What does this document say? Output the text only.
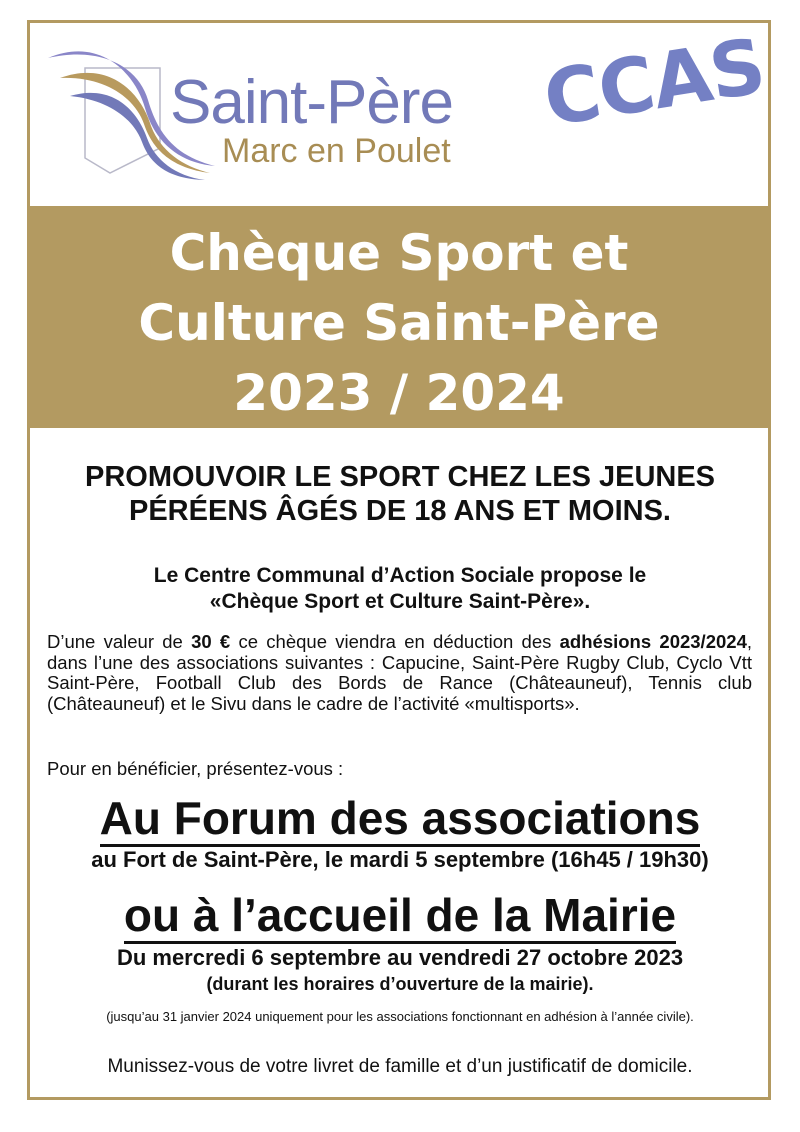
Saint-Père
Marc en Poulet
CCAS
Chèque Sport et
Culture Saint-Père
2023 / 2024
PROMOUVOIR LE SPORT CHEZ LES JEUNES
PÉRÉENS ÂGÉS DE 18 ANS ET MOINS.
Le Centre Communal d’Action Sociale propose le
«Chèque Sport et Culture Saint-Père».
D’une valeur de 30 € ce chèque viendra en déduction des adhésions 2023/2024, dans l’une des associations suivantes : Capucine, Saint-Père Rugby Club, Cyclo Vtt Saint-Père, Football Club des Bords de Rance (Châteauneuf), Tennis club (Châteauneuf) et le Sivu dans le cadre de l’activité «multisports».
Pour en bénéficier, présentez-vous :
Au Forum des associations
au Fort de Saint-Père, le mardi 5 septembre (16h45 / 19h30)
ou à l’accueil de la Mairie
Du mercredi 6 septembre au vendredi 27 octobre 2023
(durant les horaires d’ouverture de la mairie).
(jusqu’au 31 janvier 2024 uniquement pour les associations fonctionnant en adhésion à l’année civile).
Munissez-vous de votre livret de famille et d’un justificatif de domicile.
